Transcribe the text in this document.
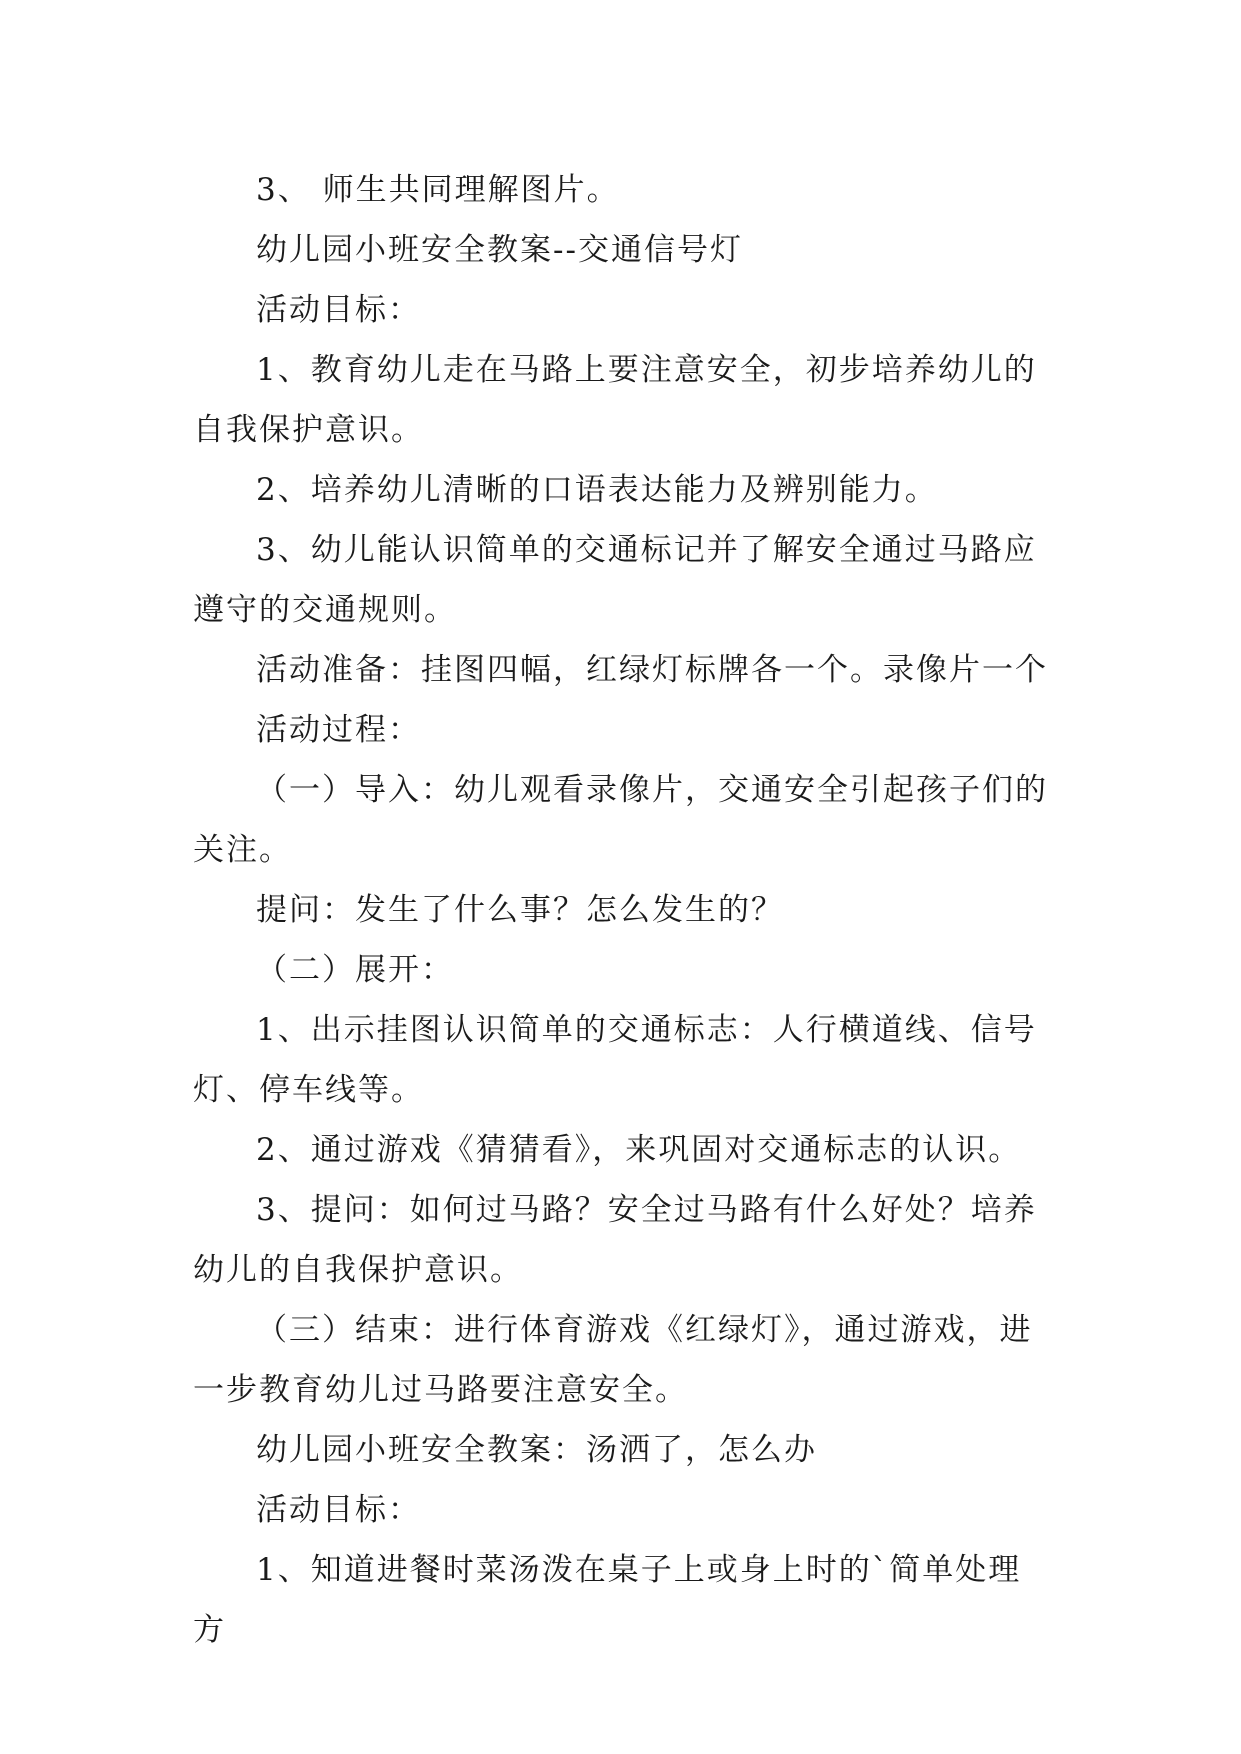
3、 师生共同理解图片。

幼儿园小班安全教案--交通信号灯

活动目标：

1、教育幼儿走在马路上要注意安全，初步培养幼儿的自我保护意识。

2、培养幼儿清晰的口语表达能力及辨别能力。

3、幼儿能认识简单的交通标记并了解安全通过马路应遵守的交通规则。

活动准备：挂图四幅，红绿灯标牌各一个。录像片一个

活动过程：

（一）导入：幼儿观看录像片，交通安全引起孩子们的关注。

提问：发生了什么事？怎么发生的？

（二）展开：

1、出示挂图认识简单的交通标志：人行横道线、信号灯、停车线等。

2、通过游戏《猜猜看》，来巩固对交通标志的认识。

3、提问：如何过马路？安全过马路有什么好处？培养幼儿的自我保护意识。

（三）结束：进行体育游戏《红绿灯》，通过游戏，进一步教育幼儿过马路要注意安全。

幼儿园小班安全教案：汤洒了，怎么办

活动目标：

1、知道进餐时菜汤泼在桌子上或身上时的`简单处理方
